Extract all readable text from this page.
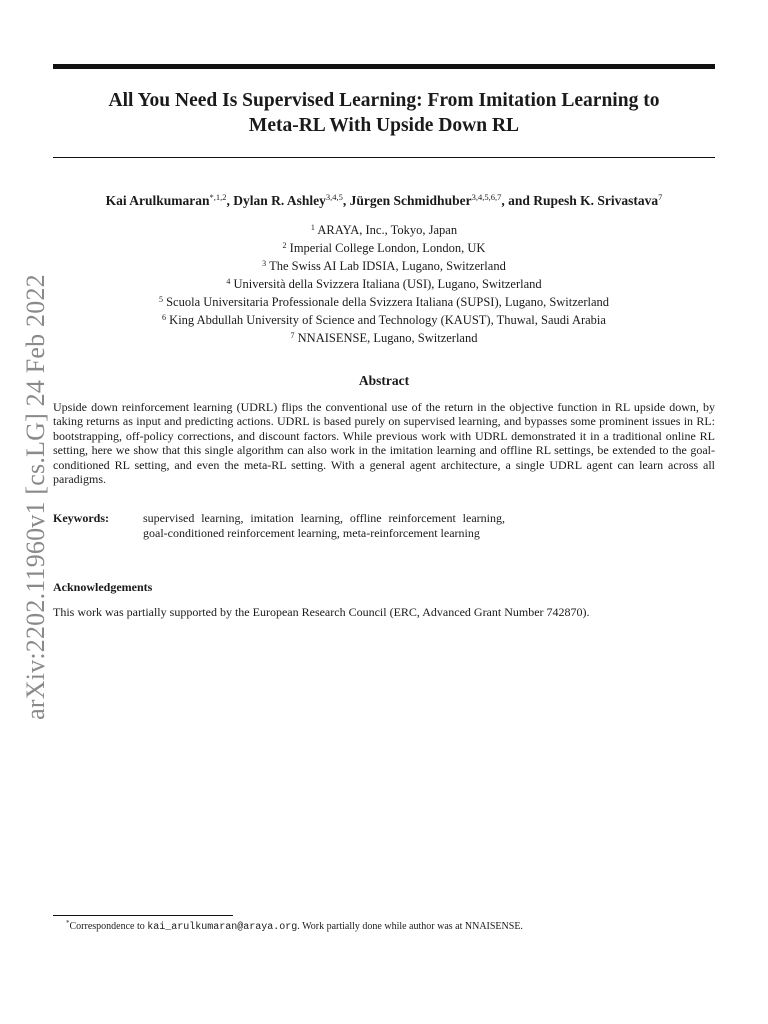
arXiv:2202.11960v1 [cs.LG] 24 Feb 2022
All You Need Is Supervised Learning: From Imitation Learning to
Meta-RL With Upside Down RL
Kai Arulkumaran$^{*,1,2}$, Dylan R. Ashley$^{3,4,5}$, Jürgen Schmidhuber$^{3,4,5,6,7}$, and Rupesh K. Srivastava$^7$
$^1$ ARAYA, Inc., Tokyo, Japan
$^2$ Imperial College London, London, UK
$^3$ The Swiss AI Lab IDSIA, Lugano, Switzerland
$^4$ Università della Svizzera Italiana (USI), Lugano, Switzerland
$^5$ Scuola Universitaria Professionale della Svizzera Italiana (SUPSI), Lugano, Switzerland
$^6$ King Abdullah University of Science and Technology (KAUST), Thuwal, Saudi Arabia
$^7$ NNAISENSE, Lugano, Switzerland
Abstract
Upside down reinforcement learning (UDRL) flips the conventional use of the return in the objective function in RL upside down, by taking returns as input and predicting actions. UDRL is based purely on supervised learning, and bypasses some prominent issues in RL: bootstrapping, off-policy corrections, and discount factors. While previous work with UDRL demonstrated it in a traditional online RL setting, here we show that this single algorithm can also work in the imitation learning and offline RL settings, be extended to the goal-conditioned RL setting, and even the meta-RL setting. With a general agent architecture, a single UDRL agent can learn across all paradigms.
Keywords:	supervised learning, imitation learning, offline reinforcement learning, goal-conditioned reinforcement learning, meta-reinforcement learning
Acknowledgements
This work was partially supported by the European Research Council (ERC, Advanced Grant Number 742870).
*Correspondence to kai_arulkumaran@araya.org. Work partially done while author was at NNAISENSE.
